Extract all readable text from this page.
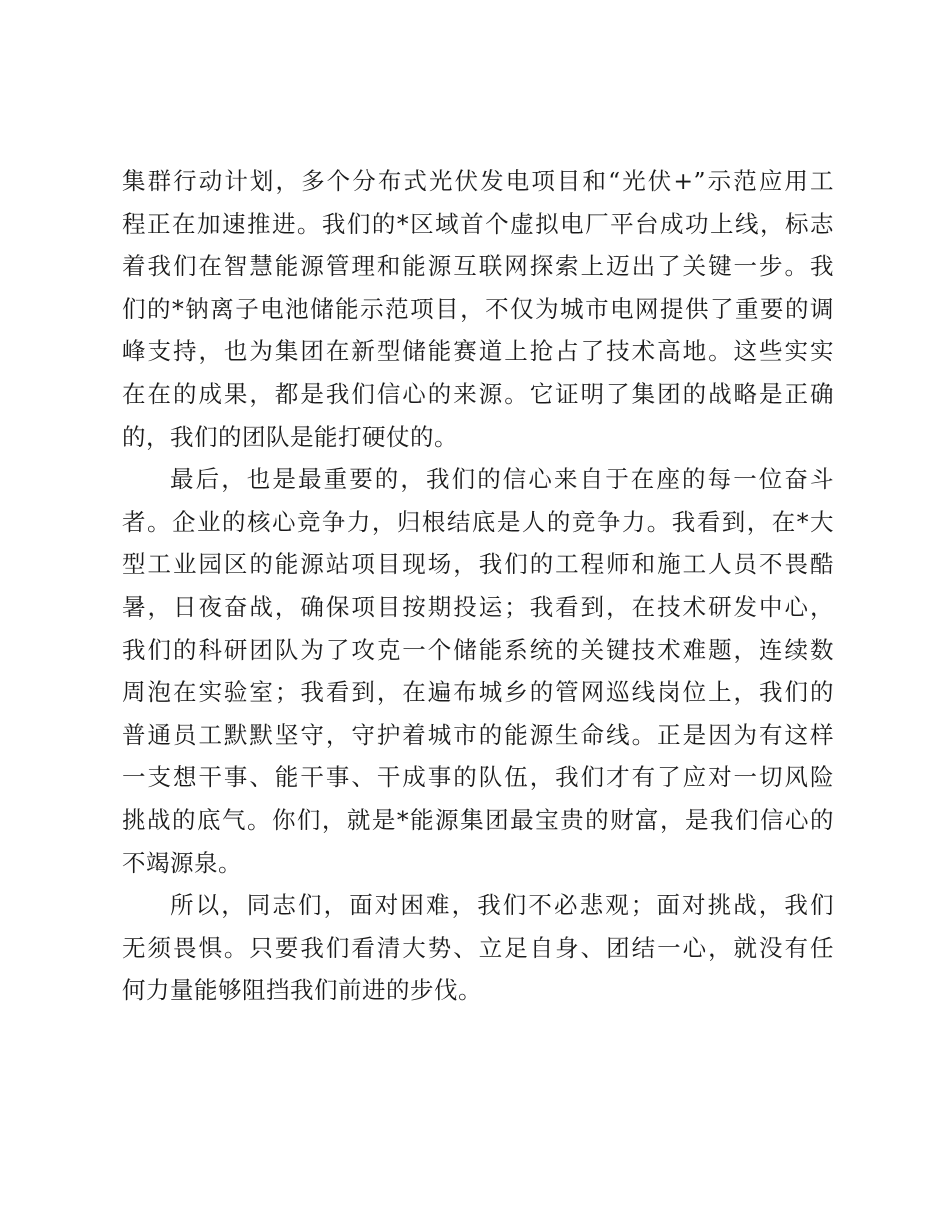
集群行动计划，多个分布式光伏发电项目和“光伏+”示范应用工
程正在加速推进。我们的*区域首个虚拟电厂平台成功上线，标志
着我们在智慧能源管理和能源互联网探索上迈出了关键一步。我
们的*钠离子电池储能示范项目，不仅为城市电网提供了重要的调
峰支持，也为集团在新型储能赛道上抢占了技术高地。这些实实
在在的成果，都是我们信心的来源。它证明了集团的战略是正确
的，我们的团队是能打硬仗的。
最后，也是最重要的，我们的信心来自于在座的每一位奋斗
者。企业的核心竞争力，归根结底是人的竞争力。我看到，在*大
型工业园区的能源站项目现场，我们的工程师和施工人员不畏酷
暑，日夜奋战，确保项目按期投运；我看到，在技术研发中心，
我们的科研团队为了攻克一个储能系统的关键技术难题，连续数
周泡在实验室；我看到，在遍布城乡的管网巡线岗位上，我们的
普通员工默默坚守，守护着城市的能源生命线。正是因为有这样
一支想干事、能干事、干成事的队伍，我们才有了应对一切风险
挑战的底气。你们，就是*能源集团最宝贵的财富，是我们信心的
不竭源泉。
所以，同志们，面对困难，我们不必悲观；面对挑战，我们
无须畏惧。只要我们看清大势、立足自身、团结一心，就没有任
何力量能够阻挡我们前进的步伐。
